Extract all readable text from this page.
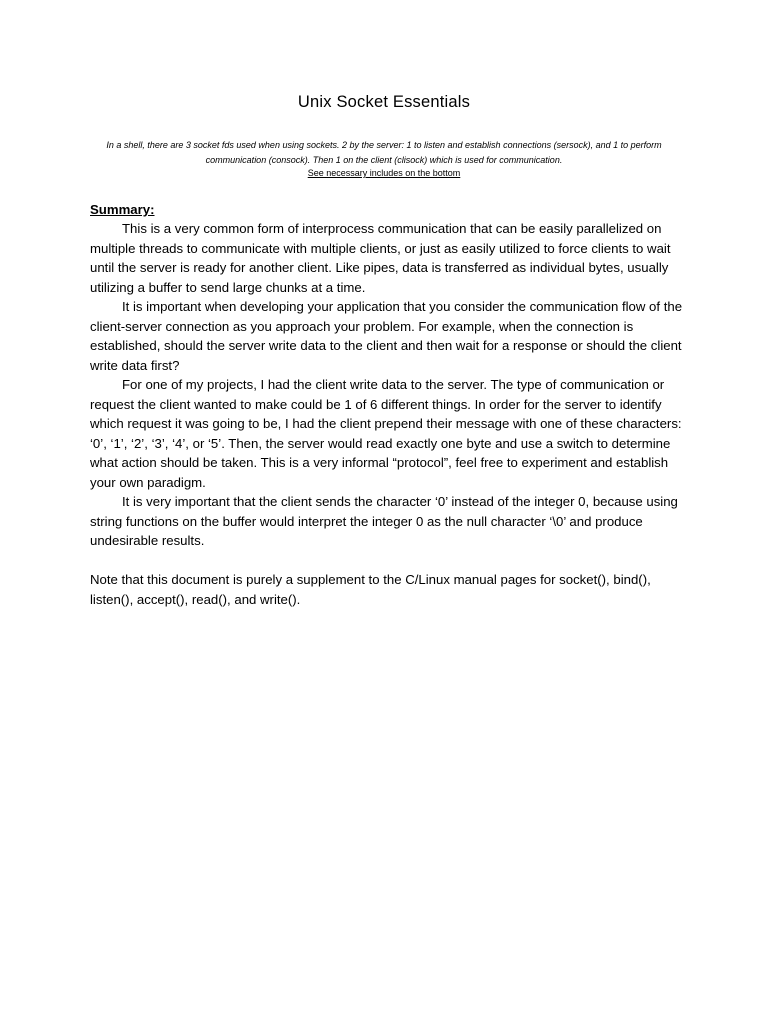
Unix Socket Essentials
In a shell, there are 3 socket fds used when using sockets. 2 by the server: 1 to listen and establish connections (sersock), and 1 to perform communication (consock). Then 1 on the client (clisock) which is used for communication.
See necessary includes on the bottom
Summary:

This is a very common form of interprocess communication that can be easily parallelized on multiple threads to communicate with multiple clients, or just as easily utilized to force clients to wait until the server is ready for another client. Like pipes, data is transferred as individual bytes, usually utilizing a buffer to send large chunks at a time.

It is important when developing your application that you consider the communication flow of the client-server connection as you approach your problem. For example, when the connection is established, should the server write data to the client and then wait for a response or should the client write data first?

For one of my projects, I had the client write data to the server. The type of communication or request the client wanted to make could be 1 of 6 different things. In order for the server to identify which request it was going to be, I had the client prepend their message with one of these characters: ‘0’, ‘1’, ‘2’, ‘3’, ‘4’, or ‘5’. Then, the server would read exactly one byte and use a switch to determine what action should be taken. This is a very informal “protocol”, feel free to experiment and establish your own paradigm.

It is very important that the client sends the character ‘0’ instead of the integer 0, because using string functions on the buffer would interpret the integer 0 as the null character ‘\0’ and produce undesirable results.

Note that this document is purely a supplement to the C/Linux manual pages for socket(), bind(), listen(), accept(), read(), and write().
